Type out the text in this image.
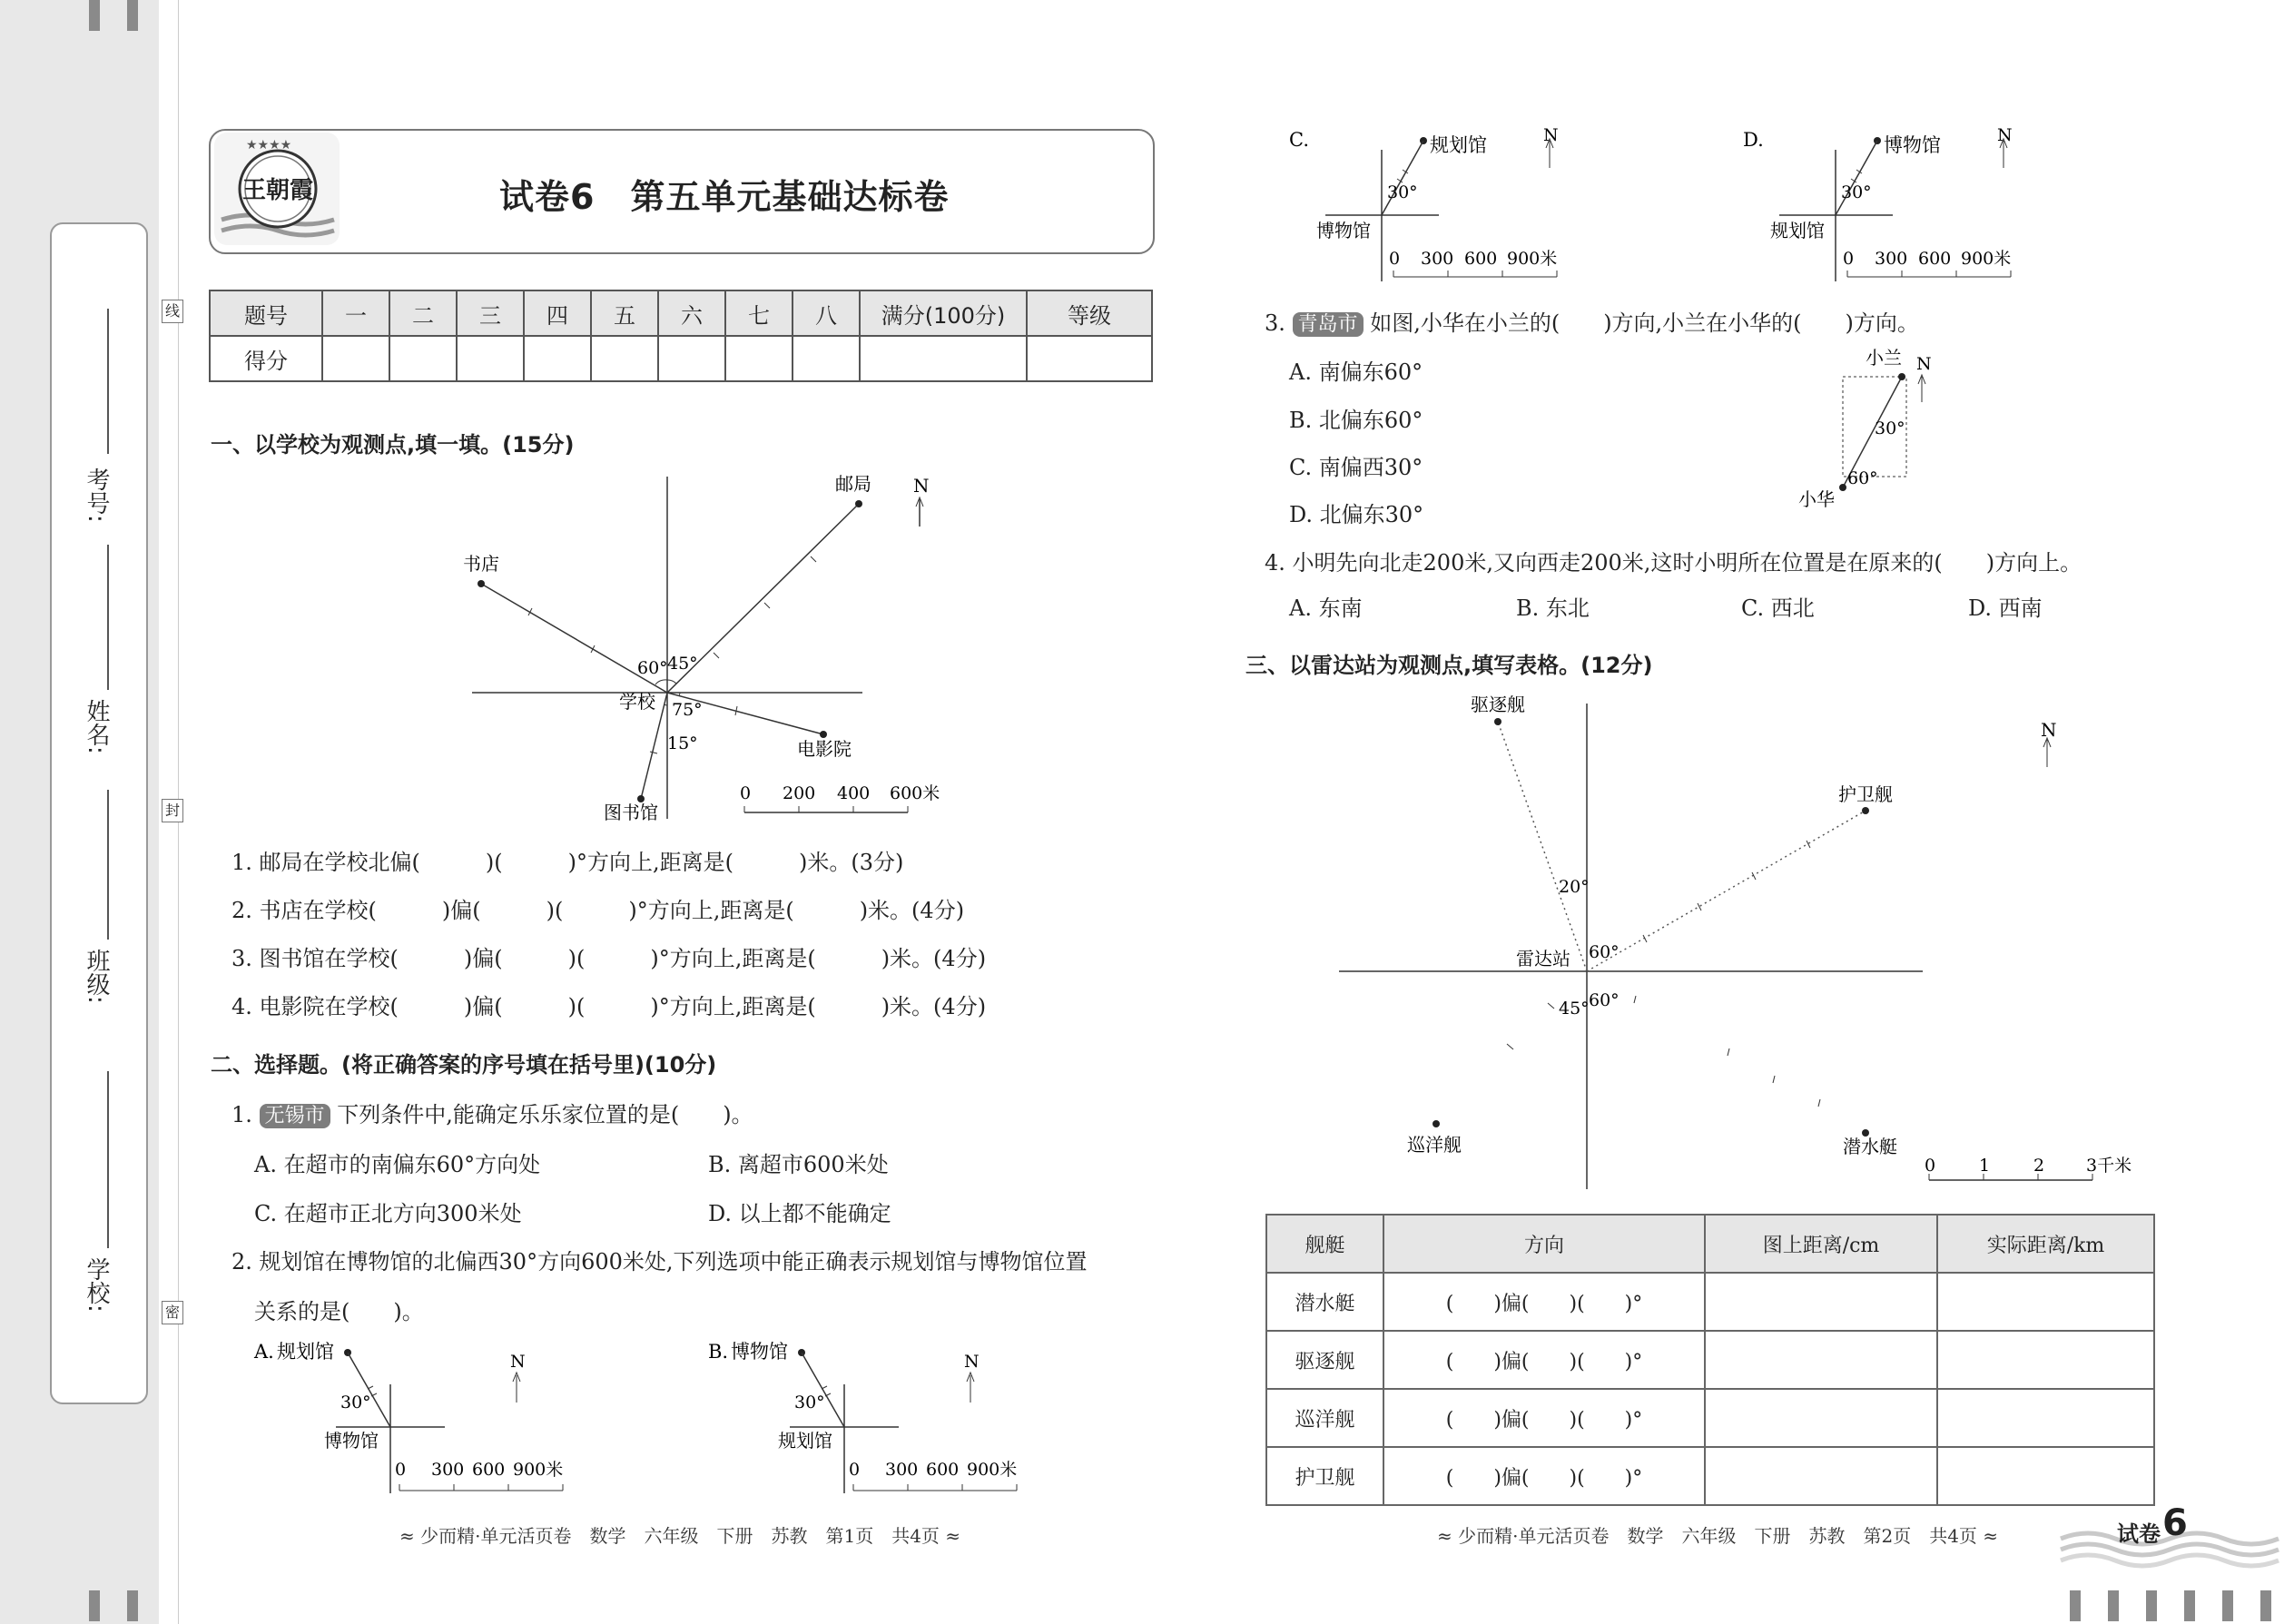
考号:
姓名:
班级:
学校:
线
封
密
★★★★
王朝霞	试卷6　第五单元基础达标卷
题号	一	二	三	四	五	六	七	八	满分(100分)	等级
得分										
一、以学校为观测点,填一填。(15分)
N
邮局
书店
学校
电影院
图书馆
60° 45°
75°
15°
0 200 400 600米
1. 邮局在学校北偏(　　　)(　　　)°方向上,距离是(　　　)米。(3分)
2. 书店在学校(　　　)偏(　　　)(　　　)°方向上,距离是(　　　)米。(4分)
3. 图书馆在学校(　　　)偏(　　　)(　　　)°方向上,距离是(　　　)米。(4分)
4. 电影院在学校(　　　)偏(　　　)(　　　)°方向上,距离是(　　　)米。(4分)
二、选择题。(将正确答案的序号填在括号里)(10分)
1. 无锡市 下列条件中,能确定乐乐家位置的是(　　)。
A. 在超市的南偏东60°方向处	B. 离超市600米处
C. 在超市正北方向300米处	D. 以上都不能确定
2. 规划馆在博物馆的北偏西30°方向600米处,下列选项中能正确表示规划馆与博物馆位置
关系的是(　　)。
A. 规划馆
30°
博物馆
N
0 300 600 900米
B. 博物馆
30°
规划馆
N
0 300 600 900米
C.	规划馆
30°
博物馆
N
0 300 600 900米
D.	博物馆
30°
规划馆
N
0 300 600 900米
3. 青岛市 如图,小华在小兰的(　　)方向,小兰在小华的(　　)方向。
A. 南偏东60°
B. 北偏东60°
C. 南偏西30°
D. 北偏东30°
小兰 N
30°
60°
小华
4. 小明先向北走200米,又向西走200米,这时小明所在位置是在原来的(　　)方向上。
A. 东南	B. 东北	C. 西北	D. 西南
三、以雷达站为观测点,填写表格。(12分)
N
驱逐舰
护卫舰
雷达站
巡洋舰	潜水艇
20°
60°
45° 60°
0	1	2 3千米
舰艇	方向	图上距离/cm	实际距离/km
潜水艇	(　　)偏(　　)(　　)°		
驱逐舰	(　　)偏(　　)(　　)°		
巡洋舰	(　　)偏(　　)(　　)°		
护卫舰	(　　)偏(　　)(　　)°		
≈ 少而精·单元活页卷　数学　六年级　下册　苏教　第1页　共4页 ≈	≈ 少而精·单元活页卷　数学　六年级　下册　苏教　第2页　共4页 ≈	试卷 6
